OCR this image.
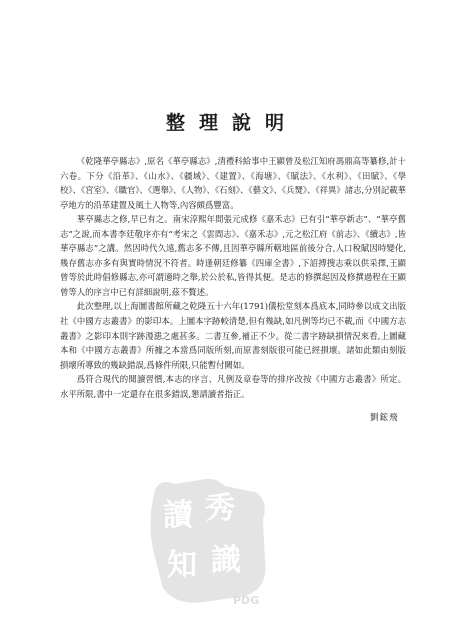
整理說明

《乾隆華亭縣志》,原名《華亭縣志》,清禮科給事中王顯曾及松江知府馮鼎高等纂修,計十六卷。下分《沿革》、《山水》、《疆域》、《建置》、《海塘》、《賦法》、《水利》、《田賦》、《學校》、《宮室》、《職官》、《選舉》、《人物》、《石刻》、《藝文》、《兵燹》、《祥異》諸志,分別記載華亭地方的沿革建置及風土人物等,內容頗爲豐富。

華亭縣志之修,早已有之。南宋淳熙年間張元成修《嘉禾志》已有引“華亭新志”、“華亭舊志”之說,而本書李廷敬序亦有“考宋之《雲間志》、《嘉禾志》,元之松江府《前志》、《續志》,皆華亭縣志”之講。然因時代久遠,舊志多不傳,且因華亭縣所轄地區前後分合,人口稅賦因時變化,幾存舊志亦多有與實時情況不符者。時逢朝廷修纂《四庫全書》,下詔搏搜志乘以供采擇,王顯曾等於此時倡修縣志,亦可謂適時之舉,於公於私,皆得其便。是志的修撰起因及修撰過程在王顯曾等人的序言中已有詳細說明,茲不贅述。

此次整理,以上海圖書館所藏之乾隆五十六年(1791)儀松堂刻本爲底本,同時參以成文出版社《中國方志叢書》的影印本。上圖本字跡較清楚,但有幾缺,如凡例等均已不載,而《中國方志叢書》之影印本則字跡漫漶之處甚多。二書互參,補正不少。從二書字跡缺損情況來看,上圖藏本和《中國方志叢書》所據之本當爲同版所刻,而原書刻版很可能已經損壞。諸如此類由刻版損壞所導致的幾缺錯誤,爲條件所限,只能暫付闕如。

爲符合現代的閱讀習慣,本志的序言、凡例及章卷等的排序改按《中國方志叢書》所定。水平所限,書中一定還存在很多錯誤,懇請讀者指正。

劉鋐飛
讀 秀
知 識
PDG
